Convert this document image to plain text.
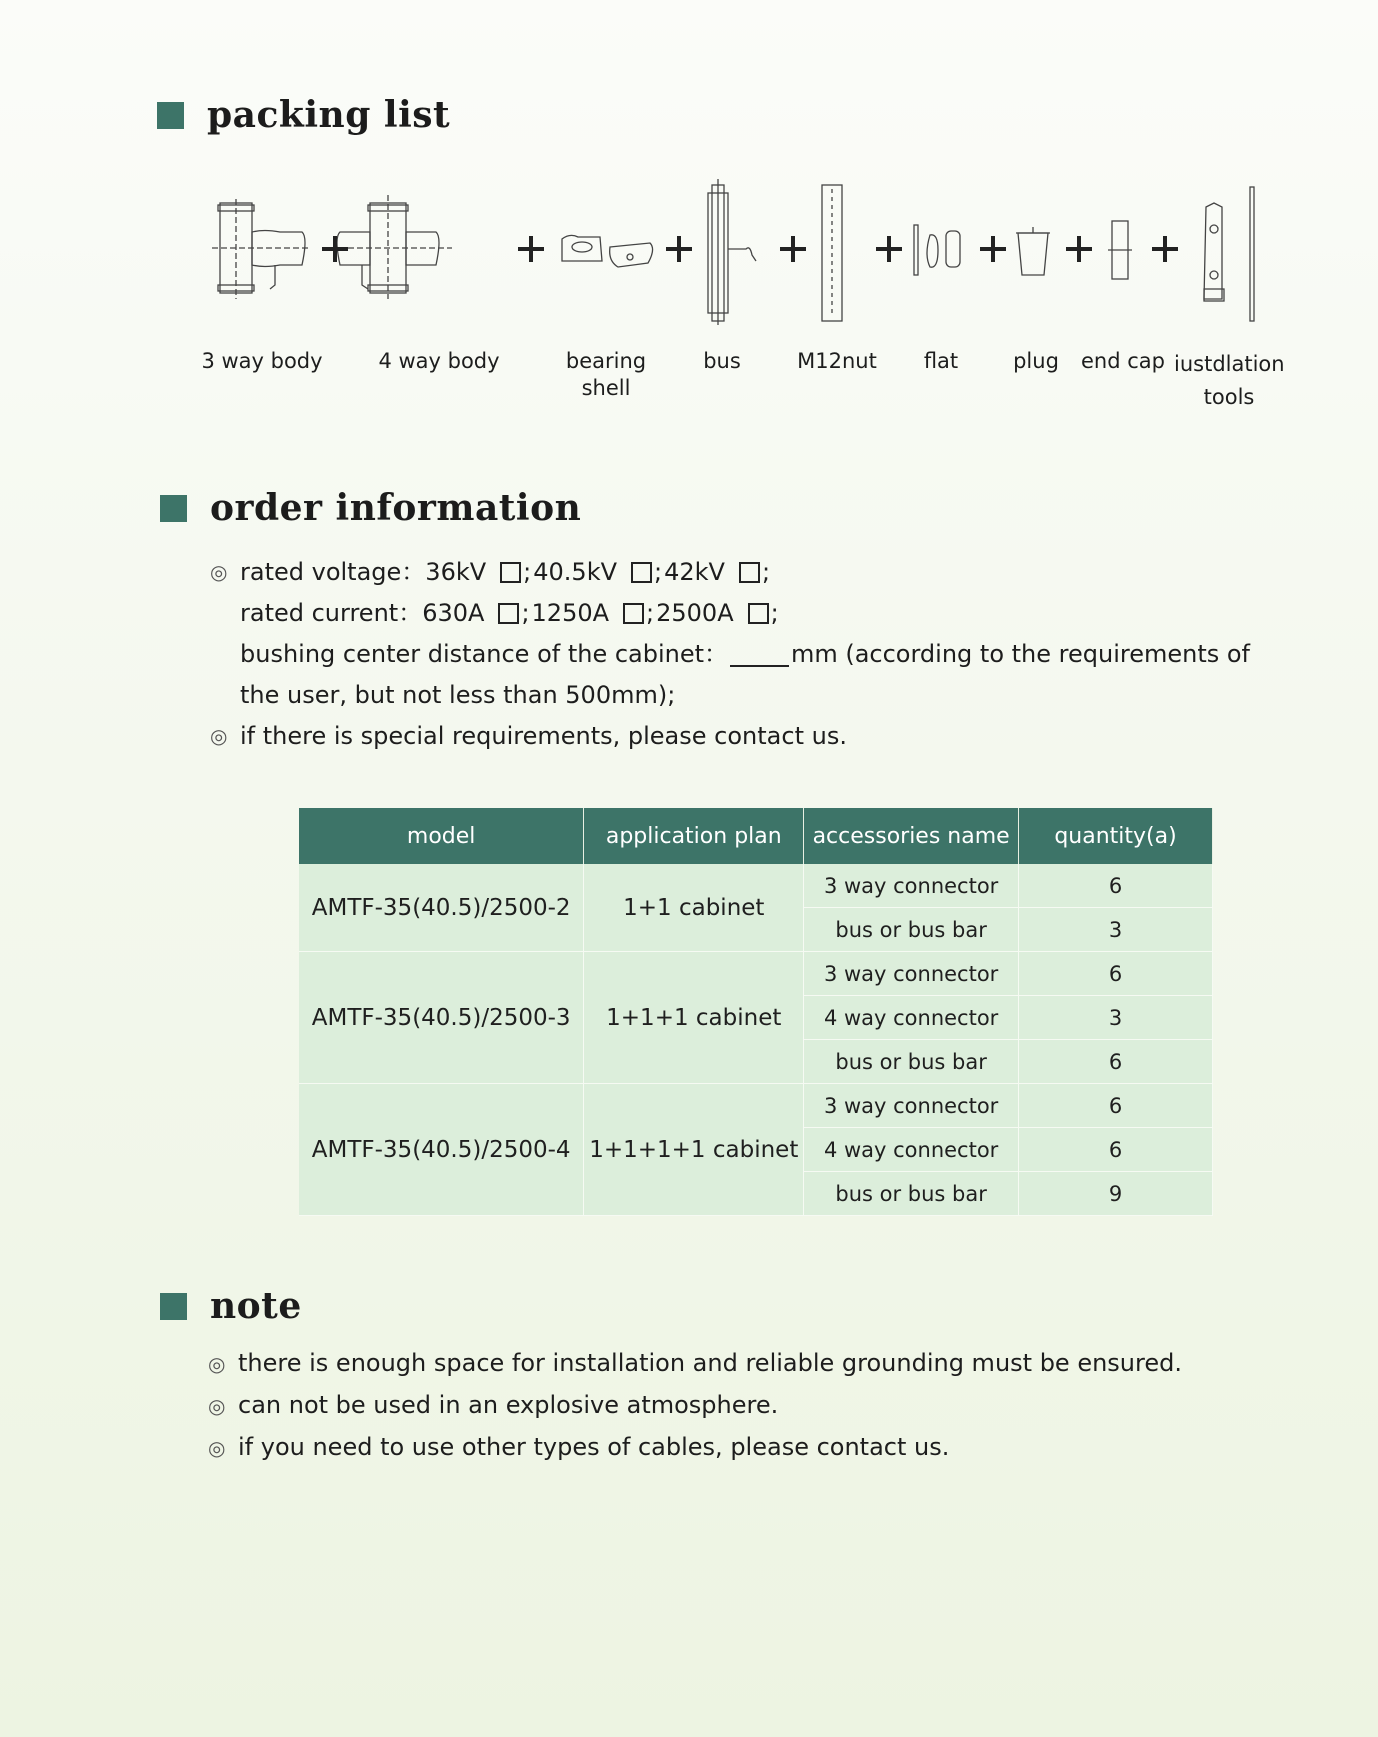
packing list
3 way body	4 way body	bearing shell
bus	M12nut flat	plug end cap iustdlation tools
order information
◎ rated voltage： 36kV ; 40.5kV ; 42kV ;
rated current： 630A ; 1250A ; 2500A ;
bushing center distance of the cabinet：	mm (according to the requirements of
the user, but not less than 500mm);
◎ if there is special requirements, please contact us.
model	application plan	accessories name	quantity(a)
AMTF-35(40.5)/2500-2	1+1 cabinet	3 way connector	6
		bus or bus bar	3
AMTF-35(40.5)/2500-3	1+1+1 cabinet	3 way connector	6
		4 way connector	3
		bus or bus bar	6
AMTF-35(40.5)/2500-4	1+1+1+1 cabinet	3 way connector	6
		4 way connector	6
		bus or bus bar	9
note
◎ there is enough space for installation and reliable grounding must be ensured.
◎ can not be used in an explosive atmosphere.
◎ if you need to use other types of cables, please contact us.
